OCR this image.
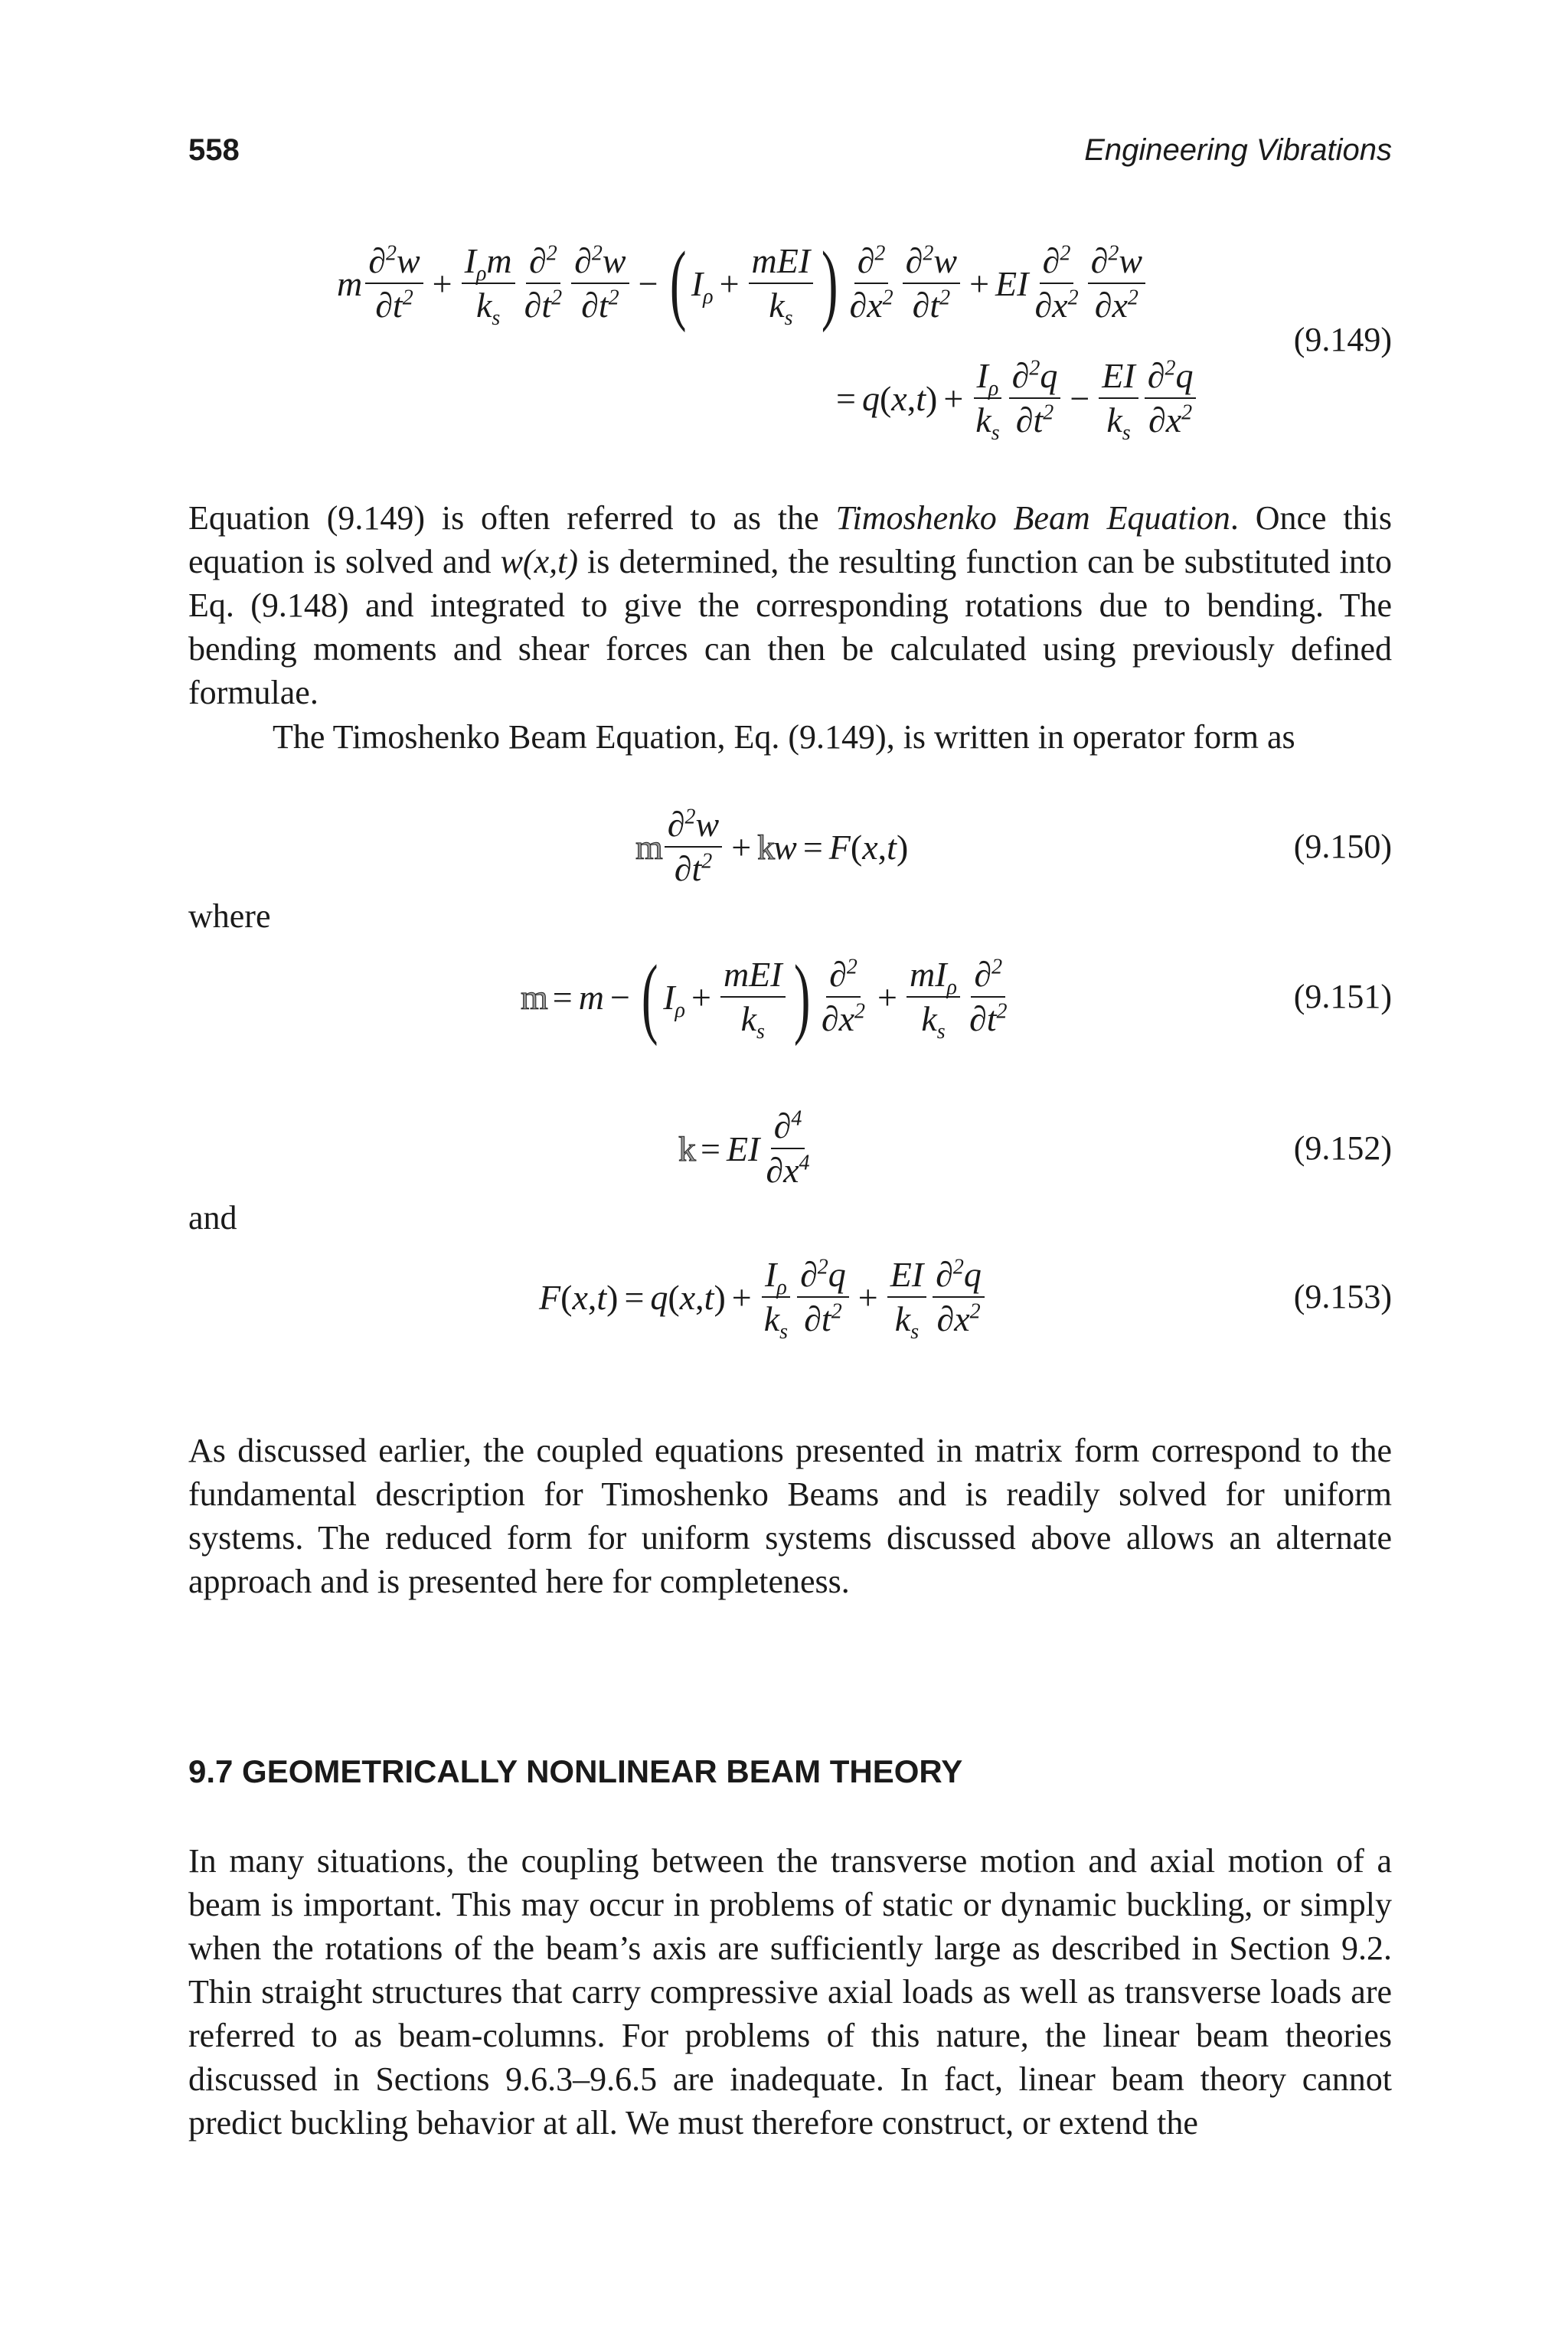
558	Engineering Vibrations
m $\frac{\partial^2w}{\partial t^2} + \frac{I_\rho m}{k_s} \frac{\partial^2}{\partial t^2} \frac{\partial^2w}{\partial t^2}$ − ( $I_\rho + \frac{\text{mEI}}{k_s}$ ) $\frac{\partial^2}{\partial x^2} \frac{\partial^2w}{\partial t^2}$ + EI $\frac{\partial^2}{\partial x^2} \frac{\partial^2w}{\partial x^2}$
= q ( x , t ) + $\frac{I_\rho}{k_s} \frac{\partial^2q}{\partial t^2} - \frac{EI}{k_s} \frac{\partial^2q}{\partial x^2}$
(9.149)
Equation (9.149) is often referred to as the Timoshenko Beam Equation. Once this equation is solved and w(x,t) is determined, the resulting function can be substituted into Eq. (9.148) and integrated to give the corresponding rotations due to bending. The bending moments and shear forces can then be calculated using previously defined formulae.
The Timoshenko Beam Equation, Eq. (9.149), is written in operator form as
m $\frac{\partial^2w}{\partial t^2} + k$ w = F ( x , t )	(9.150)
where
m = m − ( $I_\rho + \frac{\text{mEI}}{k_s}$ ) $\frac{\partial^2}{\partial x^2} + \frac{mI_\rho}{k_s} \frac{\partial^2}{\partial t^2}$	(9.151)
k = EI $\frac{\partial^4}{\partial x^4}$	(9.152)
and
F ( x , t ) = q ( x , t ) + $\frac{I_\rho}{k_s} \frac{\partial^2q}{\partial t^2} + \frac{EI}{k_s} \frac{\partial^2q}{\partial x^2}$	(9.153)
As discussed earlier, the coupled equations presented in matrix form correspond to the fundamental description for Timoshenko Beams and is readily solved for uniform systems. The reduced form for uniform systems discussed above allows an alternate approach and is presented here for completeness.
9.7 GEOMETRICALLY NONLINEAR BEAM THEORY
In many situations, the coupling between the transverse motion and axial motion of a beam is important. This may occur in problems of static or dynamic buckling, or simply when the rotations of the beam’s axis are sufficiently large as described in Section 9.2. Thin straight structures that carry compressive axial loads as well as transverse loads are referred to as beam-columns. For problems of this nature, the linear beam theories discussed in Sections 9.6.3–9.6.5 are inadequate. In fact, linear beam theory cannot predict buckling behavior at all. We must therefore construct, or extend the
